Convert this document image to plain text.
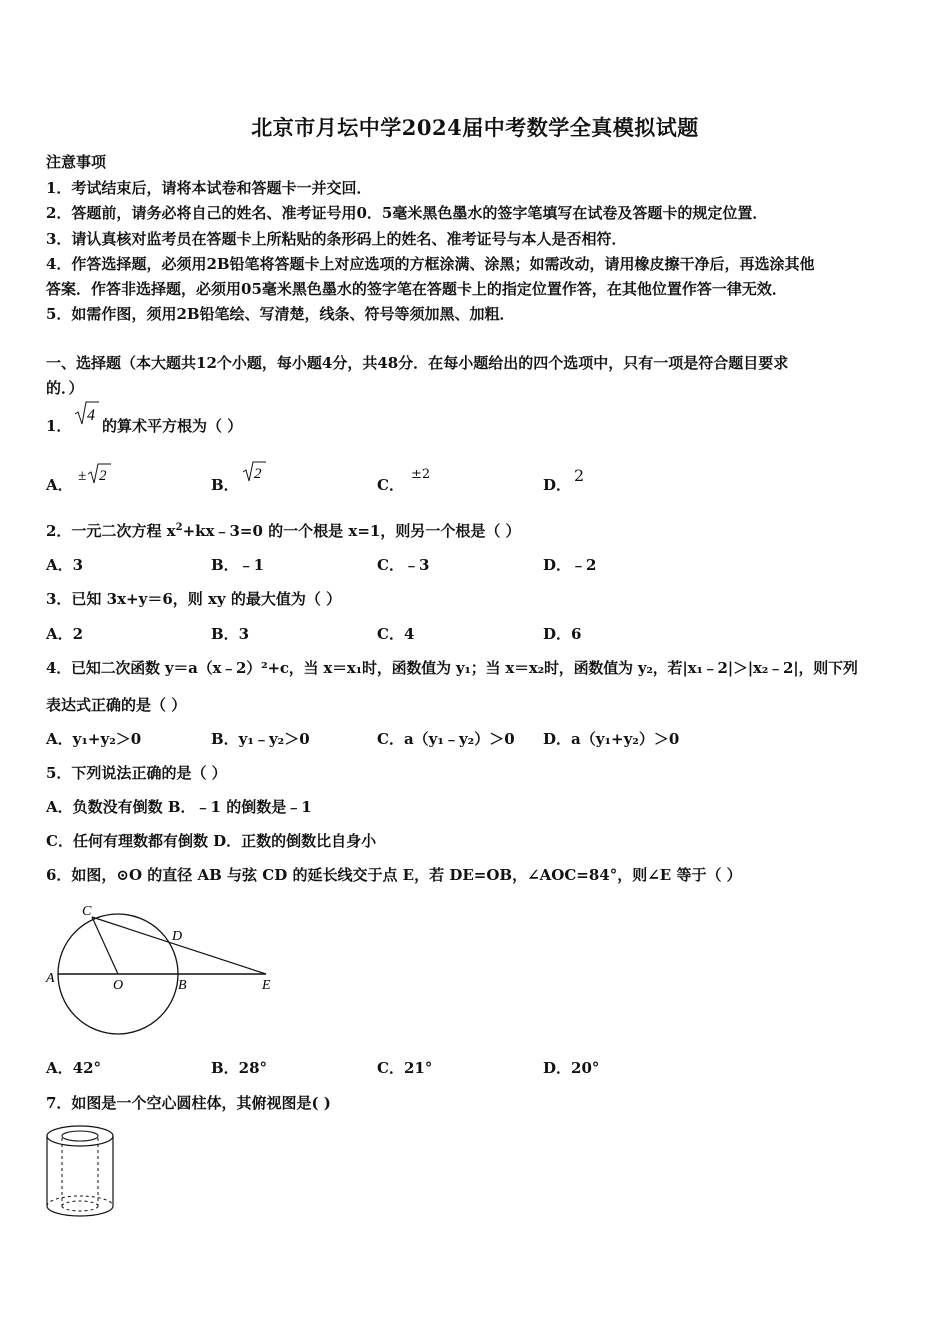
北京市月坛中学2024届中考数学全真模拟试题
注意事项
1．考试结束后，请将本试卷和答题卡一并交回．
2．答题前，请务必将自己的姓名、准考证号用0．5毫米黑色墨水的签字笔填写在试卷及答题卡的规定位置．
3．请认真核对监考员在答题卡上所粘贴的条形码上的姓名、准考证号与本人是否相符．
4．作答选择题，必须用2B铅笔将答题卡上对应选项的方框涂满、涂黑；如需改动，请用橡皮擦干净后，再选涂其他
答案．作答非选择题，必须用05毫米黑色墨水的签字笔在答题卡上的指定位置作答，在其他位置作答一律无效．
5．如需作图，须用2B铅笔绘、写清楚，线条、符号等须加黑、加粗．
一、选择题（本大题共12个小题，每小题4分，共48分．在每小题给出的四个选项中，只有一项是符合题目要求
的．）
1．
4
的算术平方根为（ ）
A． ± 2	B．
2
C．
±2
D． 2
2．一元二次方程 $x^2+kx﹣3=0$ 的一个根是 x=1，则另一个根是（ ）
A．3	B．﹣1	C．﹣3	D．﹣2
3．已知 3x+y＝6，则 xy 的最大值为（ ）
A．2	B．3	C．4	D．6
4．已知二次函数 y＝a（x﹣2）²+c，当 x＝x₁时，函数值为 y₁；当 x＝x₂时，函数值为 y₂，若|x₁﹣2|＞|x₂﹣2|，则下列
表达式正确的是（ ）
A．y₁+y₂＞0	B．y₁﹣y₂＞0	C．a（y₁﹣y₂）＞0 D．a（y₁+y₂）＞0
5．下列说法正确的是（ ）
A．负数没有倒数 B．﹣1 的倒数是﹣1
C．任何有理数都有倒数 D．正数的倒数比自身小
6．如图，⊙O 的直径 AB 与弦 CD 的延长线交于点 E，若 DE=OB，∠AOC=84°，则∠E 等于（ ）
A	O	B
C
D
E
A．42°	B．28°	C．21°	D．20°
7．如图是一个空心圆柱体，其俯视图是( )
